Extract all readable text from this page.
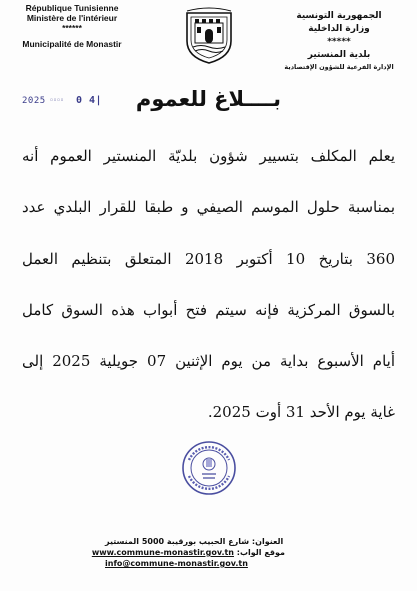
République Tunisienne
Ministère de l'intérieur
******
Municipalité de Monastir
الجمهورية التونسية
وزارة الداخلية
*****
بلدية المنستير
الإدارة الفرعية للشؤون الإقتصادية
2025 ▫▫▫▫ 0 4|	بــــلاغ للعموم
يعلم المكلف بتسيير شؤون بلديّة المنستير العموم أنه
بمناسبة حلول الموسم الصيفي و طبقا للقرار البلدي عدد
360 بتاريخ 10 أكتوبر 2018 المتعلق بتنظيم العمل
بالسوق المركزية فإنه سيتم فتح أبواب هذه السوق كامل
أيام الأسبوع بداية من يوم الإثنين 07 جويلية 2025 إلى
غاية يوم الأحد 31 أوت 2025.
العنوان: شارع الحبيب بورقيبة 5000 المنستير
موقع الواب: www.commune-monastir.gov.tn
info@commune-monastir.gov.tn
